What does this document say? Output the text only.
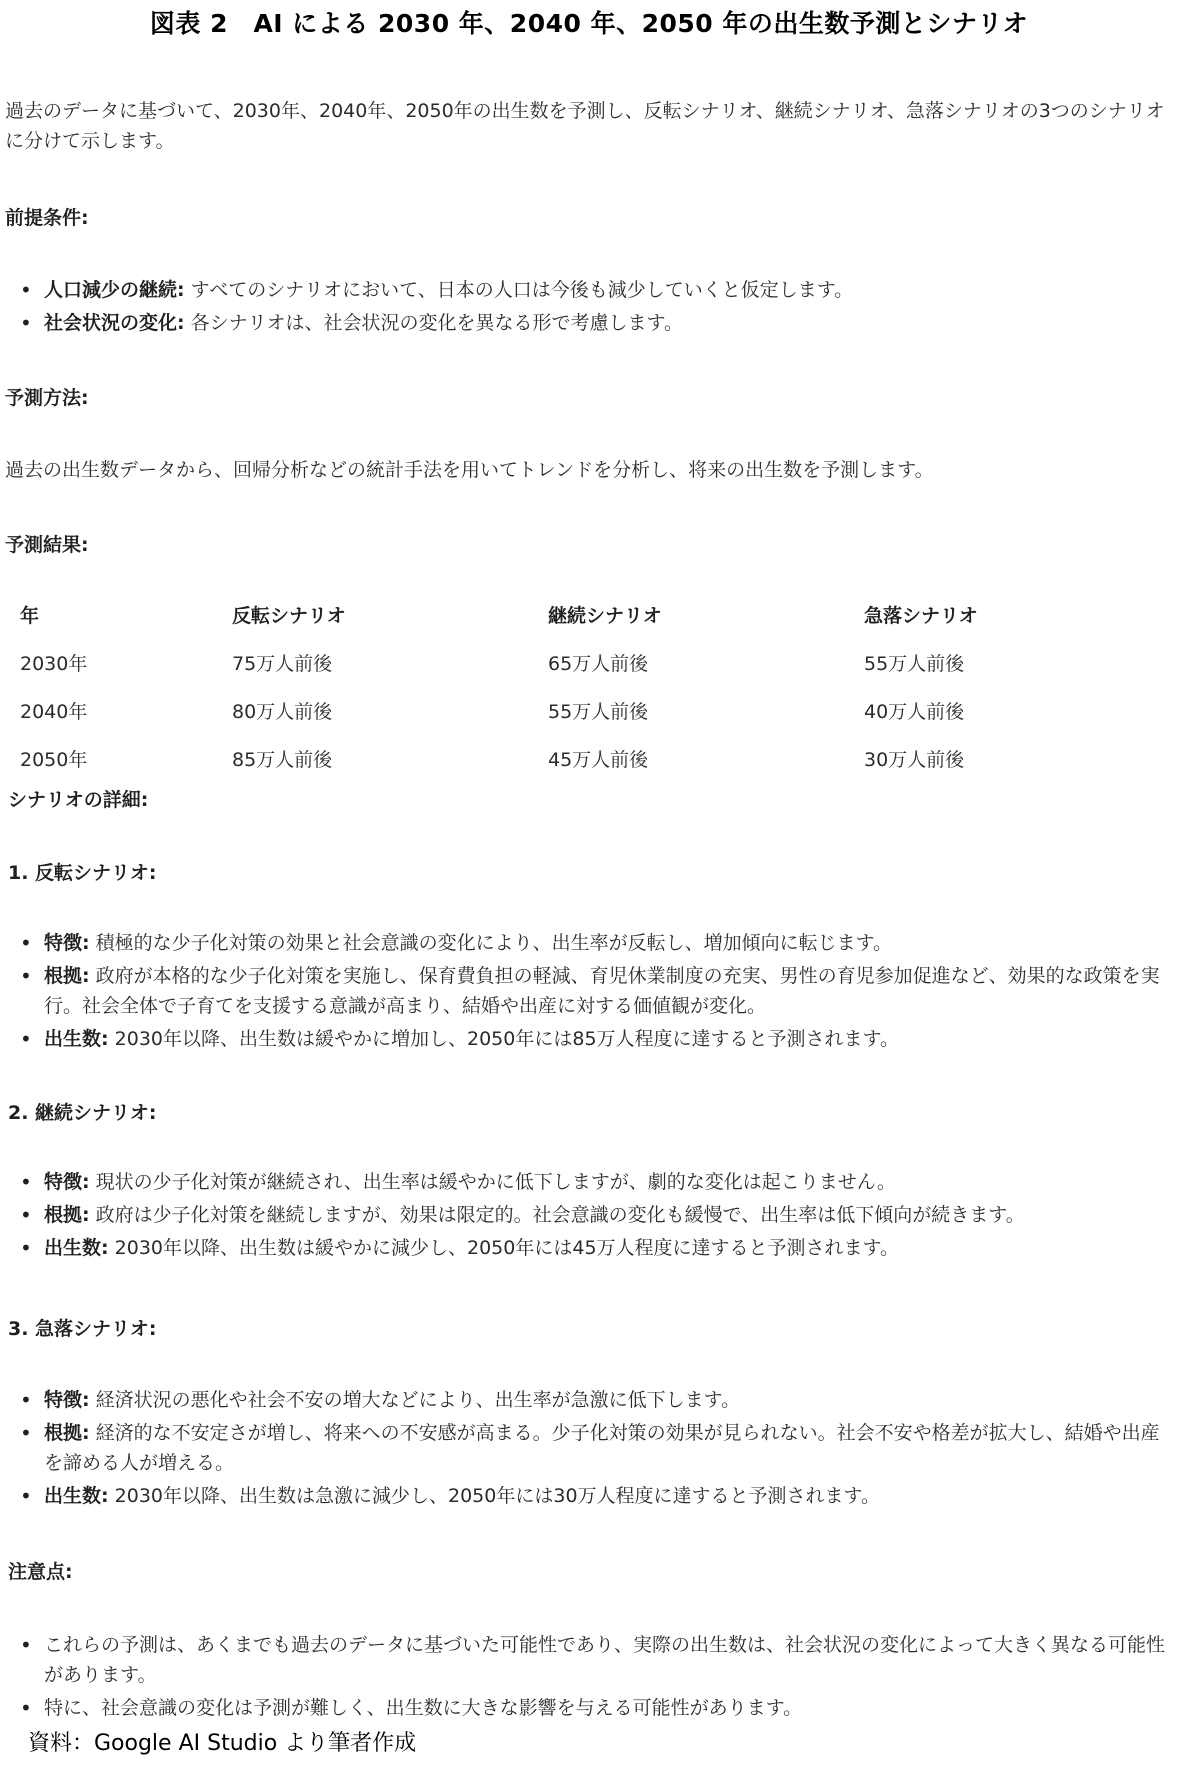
図表 2　AI による 2030 年、2040 年、2050 年の出生数予測とシナリオ
過去のデータに基づいて、2030年、2040年、2050年の出生数を予測し、反転シナリオ、継続シナリオ、急落シナリオの3つのシナリオに分けて示します。
前提条件:
• 人口減少の継続: すべてのシナリオにおいて、日本の人口は今後も減少していくと仮定します。
• 社会状況の変化: 各シナリオは、社会状況の変化を異なる形で考慮します。
予測方法:
過去の出生数データから、回帰分析などの統計手法を用いてトレンドを分析し、将来の出生数を予測します。
予測結果:
年	反転シナリオ	継続シナリオ	急落シナリオ
2030年	75万人前後	65万人前後	55万人前後
2040年	80万人前後	55万人前後	40万人前後
2050年	85万人前後	45万人前後	30万人前後
シナリオの詳細:
1. 反転シナリオ:
• 特徴: 積極的な少子化対策の効果と社会意識の変化により、出生率が反転し、増加傾向に転じます。
• 根拠: 政府が本格的な少子化対策を実施し、保育費負担の軽減、育児休業制度の充実、男性の育児参加促進など、効果的な政策を実行。社会全体で子育てを支援する意識が高まり、結婚や出産に対する価値観が変化。
• 出生数: 2030年以降、出生数は緩やかに増加し、2050年には85万人程度に達すると予測されます。
2. 継続シナリオ:
• 特徴: 現状の少子化対策が継続され、出生率は緩やかに低下しますが、劇的な変化は起こりません。
• 根拠: 政府は少子化対策を継続しますが、効果は限定的。社会意識の変化も緩慢で、出生率は低下傾向が続きます。
• 出生数: 2030年以降、出生数は緩やかに減少し、2050年には45万人程度に達すると予測されます。
3. 急落シナリオ:
• 特徴: 経済状況の悪化や社会不安の増大などにより、出生率が急激に低下します。
• 根拠: 経済的な不安定さが増し、将来への不安感が高まる。少子化対策の効果が見られない。社会不安や格差が拡大し、結婚や出産を諦める人が増える。
• 出生数: 2030年以降、出生数は急激に減少し、2050年には30万人程度に達すると予測されます。
注意点:
• これらの予測は、あくまでも過去のデータに基づいた可能性であり、実際の出生数は、社会状況の変化によって大きく異なる可能性があります。
• 特に、社会意識の変化は予測が難しく、出生数に大きな影響を与える可能性があります。
資料：Google AI Studio より筆者作成
